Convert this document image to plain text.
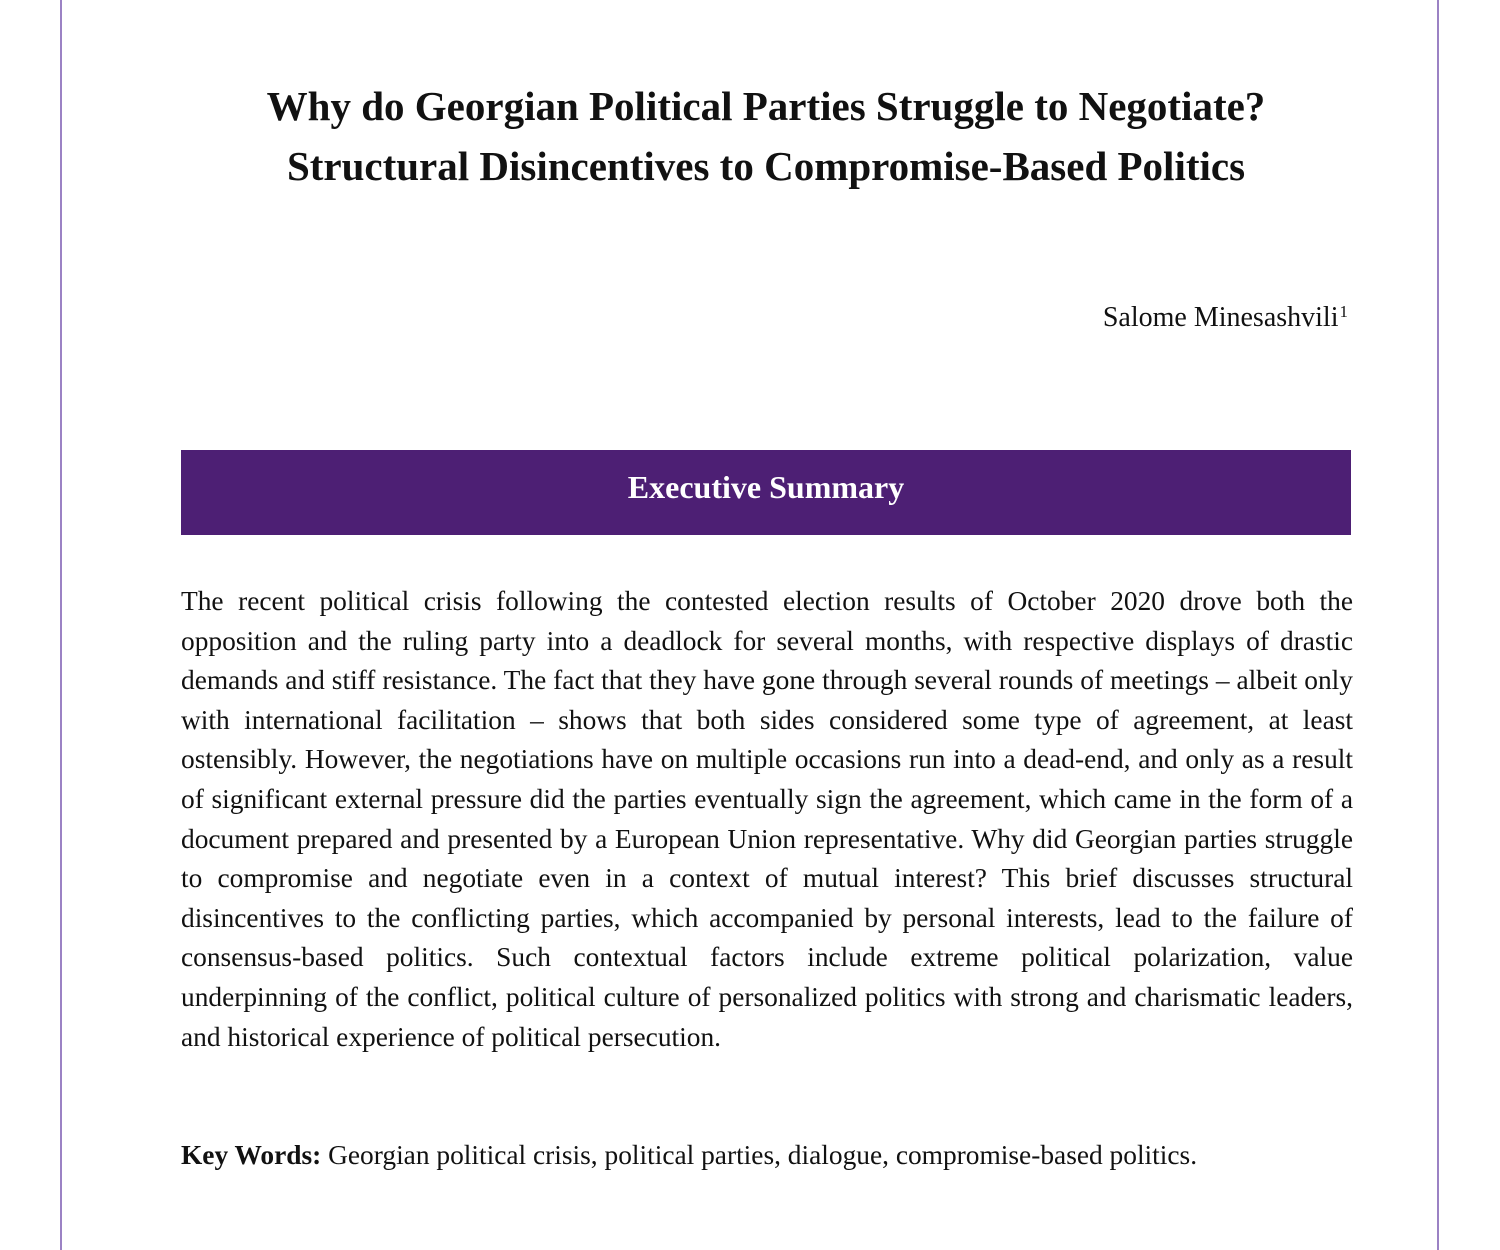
Why do Georgian Political Parties Struggle to Negotiate?
Structural Disincentives to Compromise-Based Politics
Salome Minesashvili$^1$
Executive Summary

The recent political crisis following the contested election results of October 2020 drove both the opposition and the ruling party into a deadlock for several months, with respective displays of drastic demands and stiff resistance. The fact that they have gone through several rounds of meetings – albeit only with international facilitation – shows that both sides considered some type of agreement, at least ostensibly. However, the negotiations have on multiple occasions run into a dead-end, and only as a result of significant external pressure did the parties eventually sign the agreement, which came in the form of a document prepared and presented by a European Union representative. Why did Georgian parties struggle to compromise and negotiate even in a context of mutual interest? This brief discusses structural disincentives to the conflicting parties, which accompanied by personal interests, lead to the failure of consensus-based politics. Such contextual factors include extreme political polarization, value underpinning of the conflict, political culture of personalized politics with strong and charismatic leaders, and historical experience of political persecution.

Key Words: Georgian political crisis, political parties, dialogue, compromise-based politics.
